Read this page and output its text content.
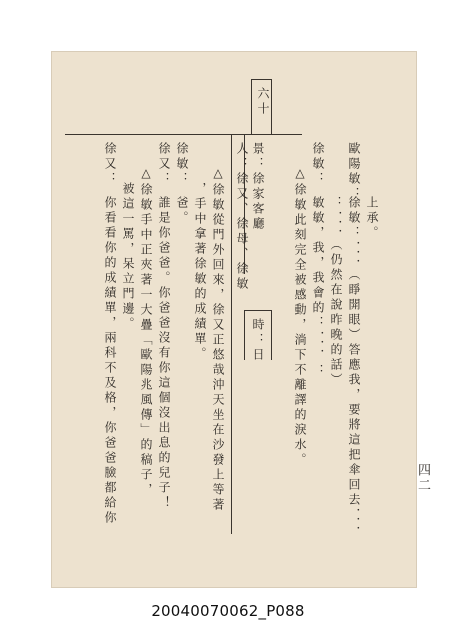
六十
景：徐家客廳
時：日
人：徐又、徐母、徐敏	上承。
歐陽敏：
徐敏：．．．（睜開眼）答應我，要將這把傘回去．．．
：．．．（仍然在說昨晚的話）
徐敏：
敏敏，我，我會的：．．．：
△徐敏此刻完全被感動，淌下不離譯的淚水。
△徐敏從門外回來，徐又正悠哉沖天坐在沙發上等著
，手中拿著徐敏的成績單。
徐敏：
爸。
徐又：
誰是你爸爸。你爸爸沒有你這個沒出息的兒子！
△徐敏手中正夾著一大疊「歐陽兆風傳」的稿子，
被這一罵，呆立門邊。
徐又：
你看看你的成績單，兩科不及格，你爸爸臉都給你	四二
20040070062_P088
